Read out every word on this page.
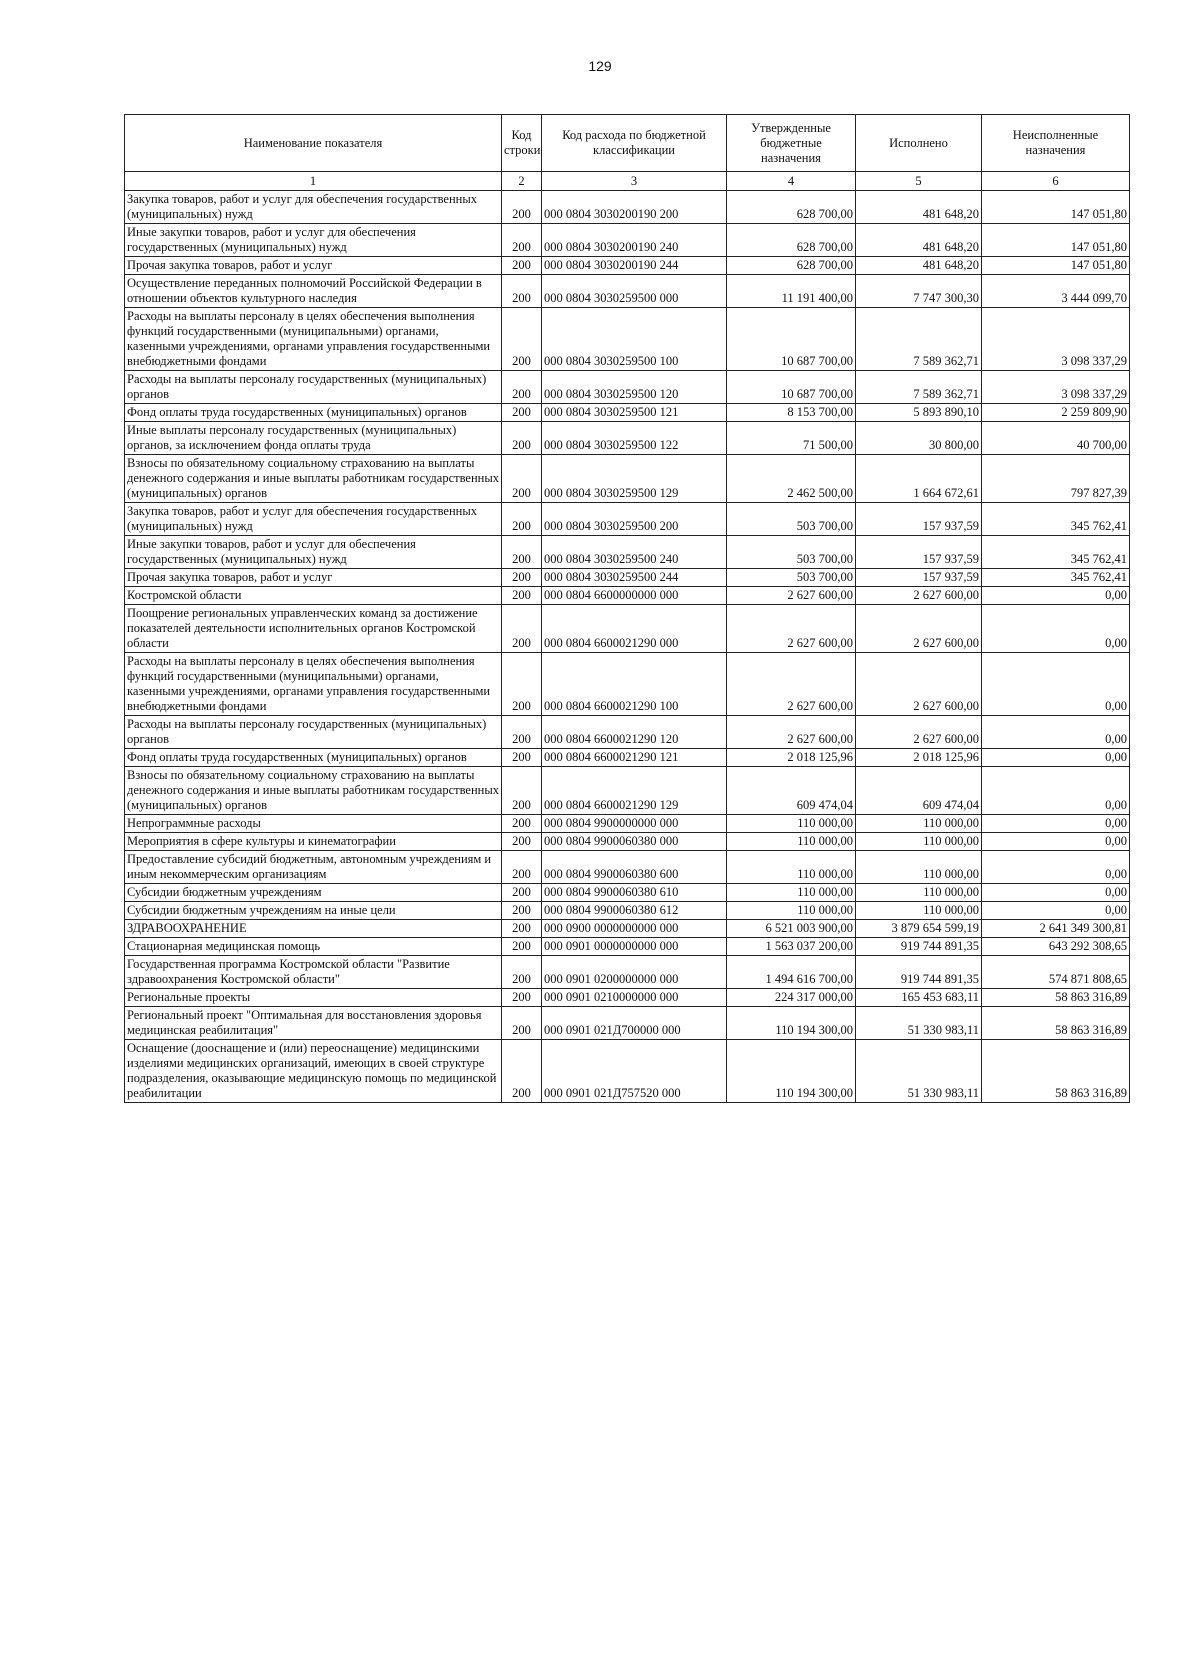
129
Наименование показателя	Код строки	Код расхода по бюджетной классификации	Утвержденные бюджетные назначения	Исполнено	Неисполненные назначения
1	2	3	4	5	6
Закупка товаров, работ и услуг для обеспечения государственных (муниципальных) нужд	200	000 0804 3030200190 200	628 700,00	481 648,20	147 051,80
Иные закупки товаров, работ и услуг для обеспечения государственных (муниципальных) нужд	200	000 0804 3030200190 240	628 700,00	481 648,20	147 051,80
Прочая закупка товаров, работ и услуг	200	000 0804 3030200190 244	628 700,00	481 648,20	147 051,80
Осуществление переданных полномочий Российской Федерации в отношении объектов культурного наследия	200	000 0804 3030259500 000	11 191 400,00	7 747 300,30	3 444 099,70
Расходы на выплаты персоналу в целях обеспечения выполнения функций государственными (муниципальными) органами, казенными учреждениями, органами управления государственными внебюджетными фондами	200	000 0804 3030259500 100	10 687 700,00	7 589 362,71	3 098 337,29
Расходы на выплаты персоналу государственных (муниципальных) органов	200	000 0804 3030259500 120	10 687 700,00	7 589 362,71	3 098 337,29
Фонд оплаты труда государственных (муниципальных) органов	200	000 0804 3030259500 121	8 153 700,00	5 893 890,10	2 259 809,90
Иные выплаты персоналу государственных (муниципальных) органов, за исключением фонда оплаты труда	200	000 0804 3030259500 122	71 500,00	30 800,00	40 700,00
Взносы по обязательному социальному страхованию на выплаты денежного содержания и иные выплаты работникам государственных (муниципальных) органов	200	000 0804 3030259500 129	2 462 500,00	1 664 672,61	797 827,39
Закупка товаров, работ и услуг для обеспечения государственных (муниципальных) нужд	200	000 0804 3030259500 200	503 700,00	157 937,59	345 762,41
Иные закупки товаров, работ и услуг для обеспечения государственных (муниципальных) нужд	200	000 0804 3030259500 240	503 700,00	157 937,59	345 762,41
Прочая закупка товаров, работ и услуг	200	000 0804 3030259500 244	503 700,00	157 937,59	345 762,41
Костромской области	200	000 0804 6600000000 000	2 627 600,00	2 627 600,00	0,00
Поощрение региональных управленческих команд за достижение показателей деятельности исполнительных органов Костромской области	200	000 0804 6600021290 000	2 627 600,00	2 627 600,00	0,00
Расходы на выплаты персоналу в целях обеспечения выполнения функций государственными (муниципальными) органами, казенными учреждениями, органами управления государственными внебюджетными фондами	200	000 0804 6600021290 100	2 627 600,00	2 627 600,00	0,00
Расходы на выплаты персоналу государственных (муниципальных) органов	200	000 0804 6600021290 120	2 627 600,00	2 627 600,00	0,00
Фонд оплаты труда государственных (муниципальных) органов	200	000 0804 6600021290 121	2 018 125,96	2 018 125,96	0,00
Взносы по обязательному социальному страхованию на выплаты денежного содержания и иные выплаты работникам государственных (муниципальных) органов	200	000 0804 6600021290 129	609 474,04	609 474,04	0,00
Непрограммные расходы	200	000 0804 9900000000 000	110 000,00	110 000,00	0,00
Мероприятия в сфере культуры и кинематографии	200	000 0804 9900060380 000	110 000,00	110 000,00	0,00
Предоставление субсидий бюджетным, автономным учреждениям и иным некоммерческим организациям	200	000 0804 9900060380 600	110 000,00	110 000,00	0,00
Субсидии бюджетным учреждениям	200	000 0804 9900060380 610	110 000,00	110 000,00	0,00
Субсидии бюджетным учреждениям на иные цели	200	000 0804 9900060380 612	110 000,00	110 000,00	0,00
ЗДРАВООХРАНЕНИЕ	200	000 0900 0000000000 000	6 521 003 900,00	3 879 654 599,19	2 641 349 300,81
Стационарная медицинская помощь	200	000 0901 0000000000 000	1 563 037 200,00	919 744 891,35	643 292 308,65
Государственная программа Костромской области "Развитие здравоохранения Костромской области"	200	000 0901 0200000000 000	1 494 616 700,00	919 744 891,35	574 871 808,65
Региональные проекты	200	000 0901 0210000000 000	224 317 000,00	165 453 683,11	58 863 316,89
Региональный проект "Оптимальная для восстановления здоровья медицинская реабилитация"	200	000 0901 021Д700000 000	110 194 300,00	51 330 983,11	58 863 316,89
Оснащение (дооснащение и (или) переоснащение) медицинскими изделиями медицинских организаций, имеющих в своей структуре подразделения, оказывающие медицинскую помощь по медицинской реабилитации	200	000 0901 021Д757520 000	110 194 300,00	51 330 983,11	58 863 316,89
